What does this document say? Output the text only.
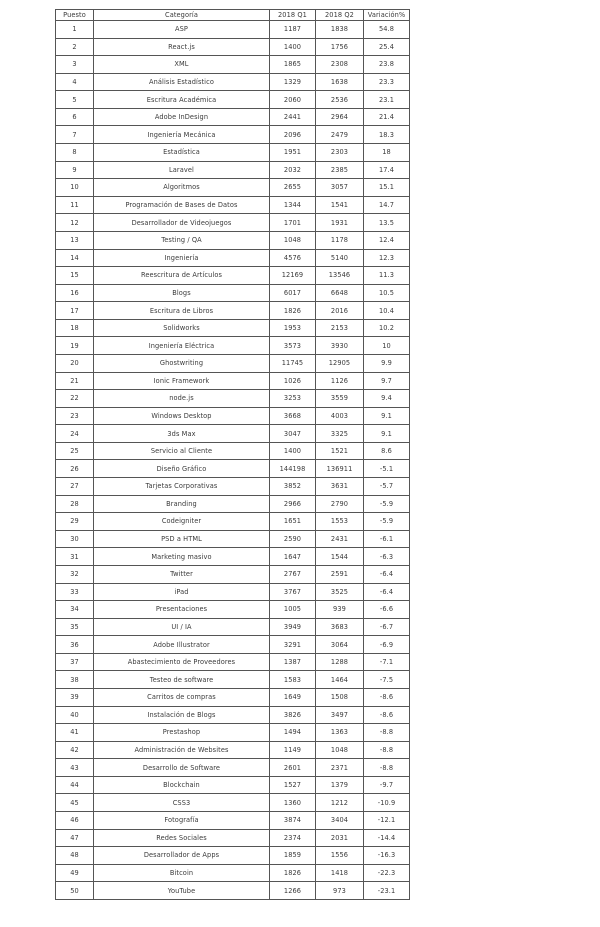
Puesto	Categoría	2018 Q1	2018 Q2	Variación%
1	ASP	1187	1838	54.8
2	React.js	1400	1756	25.4
3	XML	1865	2308	23.8
4	Análisis Estadístico	1329	1638	23.3
5	Escritura Académica	2060	2536	23.1
6	Adobe InDesign	2441	2964	21.4
7	Ingeniería Mecánica	2096	2479	18.3
8	Estadística	1951	2303	18
9	Laravel	2032	2385	17.4
10	Algoritmos	2655	3057	15.1
11	Programación de Bases de Datos	1344	1541	14.7
12	Desarrollador de Videojuegos	1701	1931	13.5
13	Testing / QA	1048	1178	12.4
14	Ingeniería	4576	5140	12.3
15	Reescritura de Artículos	12169	13546	11.3
16	Blogs	6017	6648	10.5
17	Escritura de Libros	1826	2016	10.4
18	Solidworks	1953	2153	10.2
19	Ingeniería Eléctrica	3573	3930	10
20	Ghostwriting	11745	12905	9.9
21	Ionic Framework	1026	1126	9.7
22	node.js	3253	3559	9.4
23	Windows Desktop	3668	4003	9.1
24	3ds Max	3047	3325	9.1
25	Servicio al Cliente	1400	1521	8.6
26	Diseño Gráfico	144198	136911	-5.1
27	Tarjetas Corporativas	3852	3631	-5.7
28	Branding	2966	2790	-5.9
29	Codeigniter	1651	1553	-5.9
30	PSD a HTML	2590	2431	-6.1
31	Marketing masivo	1647	1544	-6.3
32	Twitter	2767	2591	-6.4
33	iPad	3767	3525	-6.4
34	Presentaciones	1005	939	-6.6
35	UI / IA	3949	3683	-6.7
36	Adobe Illustrator	3291	3064	-6.9
37	Abastecimiento de Proveedores	1387	1288	-7.1
38	Testeo de software	1583	1464	-7.5
39	Carritos de compras	1649	1508	-8.6
40	Instalación de Blogs	3826	3497	-8.6
41	Prestashop	1494	1363	-8.8
42	Administración de Websites	1149	1048	-8.8
43	Desarrollo de Software	2601	2371	-8.8
44	Blockchain	1527	1379	-9.7
45	CSS3	1360	1212	-10.9
46	Fotografía	3874	3404	-12.1
47	Redes Sociales	2374	2031	-14.4
48	Desarrollador de Apps	1859	1556	-16.3
49	Bitcoin	1826	1418	-22.3
50	YouTube	1266	973	-23.1
